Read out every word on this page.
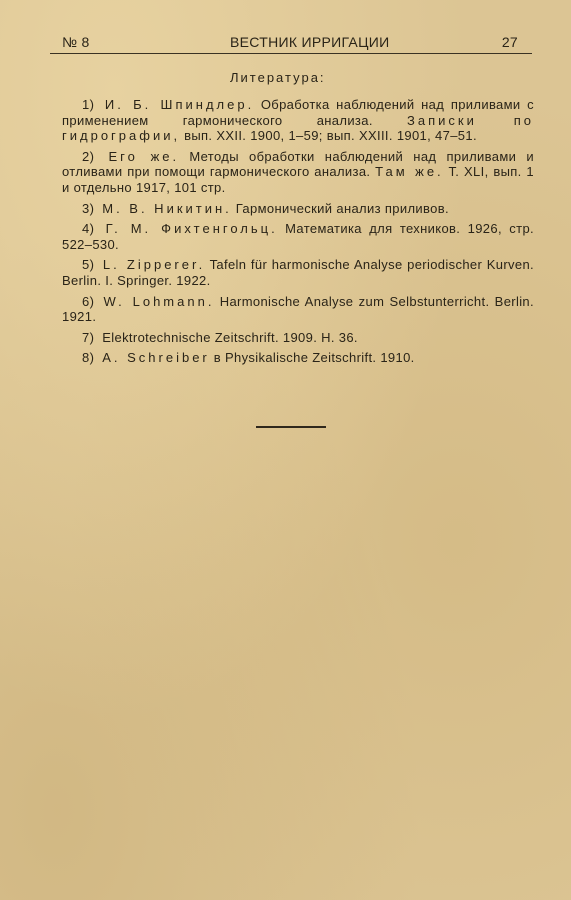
№ 8	ВЕСТНИК ИРРИГАЦИИ	27
Литература:

1) И. Б. Шпиндлер. Обработка наблюдений над приливами с применением гармонического анализа.	Записки по гидрографии, вып. XXII. 1900, 1–59; вып. XXIII. 1901, 47–51.

2) Его же. Методы обработки наблюдений над приливами и отливами при помощи гармонического анализа. Там же. Т. XLI, вып. 1 и отдельно 1917, 101 стр.

3) М. В. Никитин. Гармонический анализ приливов.

4) Г. М. Фихтенгольц. Математика для техников. 1926, стр. 522–530.

5) L. Zipperer. Tafeln für harmonische Analyse periodischer Kurven. Berlin. I. Springer. 1922.

6) W. Lohmann. Harmonische Analyse zum Selbstunterricht. Berlin. 1921.

7) Elektrotechnische Zeitschrift. 1909. H. 36.

8) A. Schreiber в Physikalische Zeitschrift. 1910.
